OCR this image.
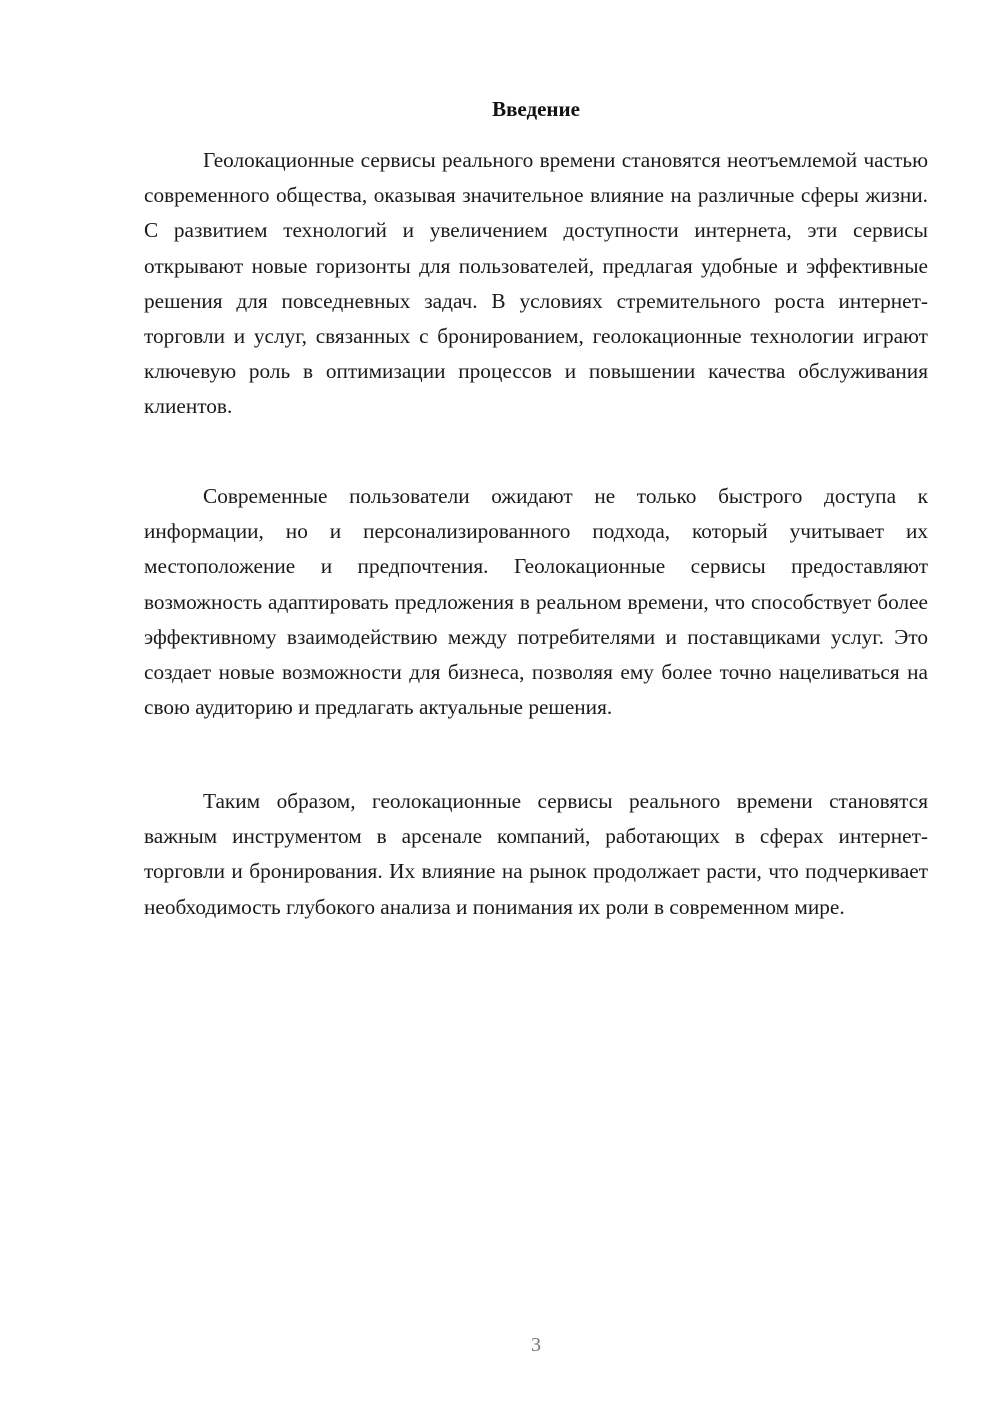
Введение

Геолокационные сервисы реального времени становятся неотъемлемой частью современного общества, оказывая значительное влияние на различные сферы жизни. С развитием технологий и увеличением доступности интернета, эти сервисы открывают новые горизонты для пользователей, предлагая удобные и эффективные решения для повседневных задач. В условиях стремительного роста интернет-торговли и услуг, связанных с бронированием, геолокационные технологии играют ключевую роль в оптимизации процессов и повышении качества обслуживания клиентов.

Современные пользователи ожидают не только быстрого доступа к информации, но и персонализированного подхода, который учитывает их местоположение и предпочтения. Геолокационные сервисы предоставляют возможность адаптировать предложения в реальном времени, что способствует более эффективному взаимодействию между потребителями и поставщиками услуг. Это создает новые возможности для бизнеса, позволяя ему более точно нацеливаться на свою аудиторию и предлагать актуальные решения.

Таким образом, геолокационные сервисы реального времени становятся важным инструментом в арсенале компаний, работающих в сферах интернет-торговли и бронирования. Их влияние на рынок продолжает расти, что подчеркивает необходимость глубокого анализа и понимания их роли в современном мире.

3
